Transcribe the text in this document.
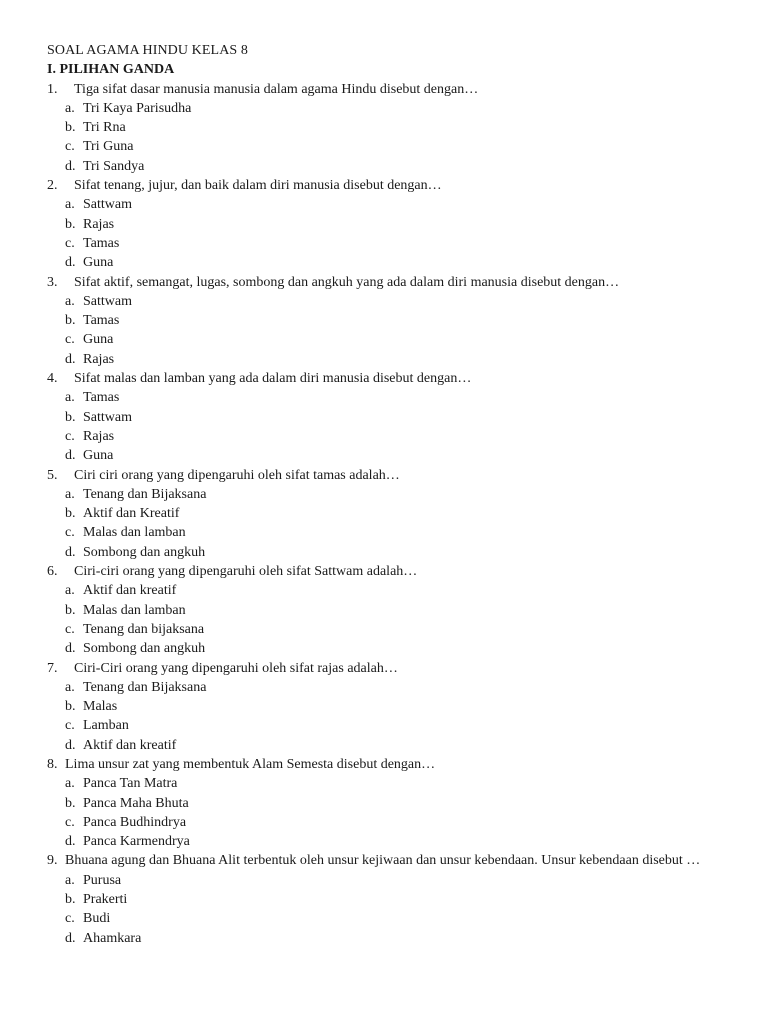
SOAL AGAMA HINDU KELAS 8
I. PILIHAN GANDA
1.	Tiga sifat dasar manusia manusia dalam agama Hindu disebut dengan…
a. Tri Kaya Parisudha
b. Tri Rna
c. Tri Guna
d. Tri Sandya
2.	Sifat tenang, jujur, dan baik dalam diri manusia disebut dengan…
a. Sattwam
b. Rajas
c. Tamas
d. Guna
3.	Sifat aktif, semangat, lugas, sombong dan angkuh yang ada dalam diri manusia disebut dengan…
a. Sattwam
b. Tamas
c. Guna
d. Rajas
4.	Sifat malas dan lamban yang ada dalam diri manusia disebut dengan…
a. Tamas
b. Sattwam
c. Rajas
d. Guna
5.	Ciri ciri orang yang dipengaruhi oleh sifat tamas adalah…
a. Tenang dan Bijaksana
b. Aktif dan Kreatif
c. Malas dan lamban
d. Sombong dan angkuh
6.	Ciri-ciri orang yang dipengaruhi oleh sifat Sattwam adalah…
a. Aktif dan kreatif
b. Malas dan lamban
c. Tenang dan bijaksana
d. Sombong dan angkuh
7.	Ciri-Ciri orang yang dipengaruhi oleh sifat rajas adalah…
a. Tenang dan Bijaksana
b. Malas
c. Lamban
d. Aktif dan kreatif
8. Lima unsur zat yang membentuk Alam Semesta disebut dengan…
a. Panca Tan Matra
b. Panca Maha Bhuta
c. Panca Budhindrya
d. Panca Karmendrya
9. Bhuana agung dan Bhuana Alit terbentuk oleh unsur kejiwaan dan unsur kebendaan. Unsur kebendaan disebut …
a. Purusa
b. Prakerti
c. Budi
d. Ahamkara
